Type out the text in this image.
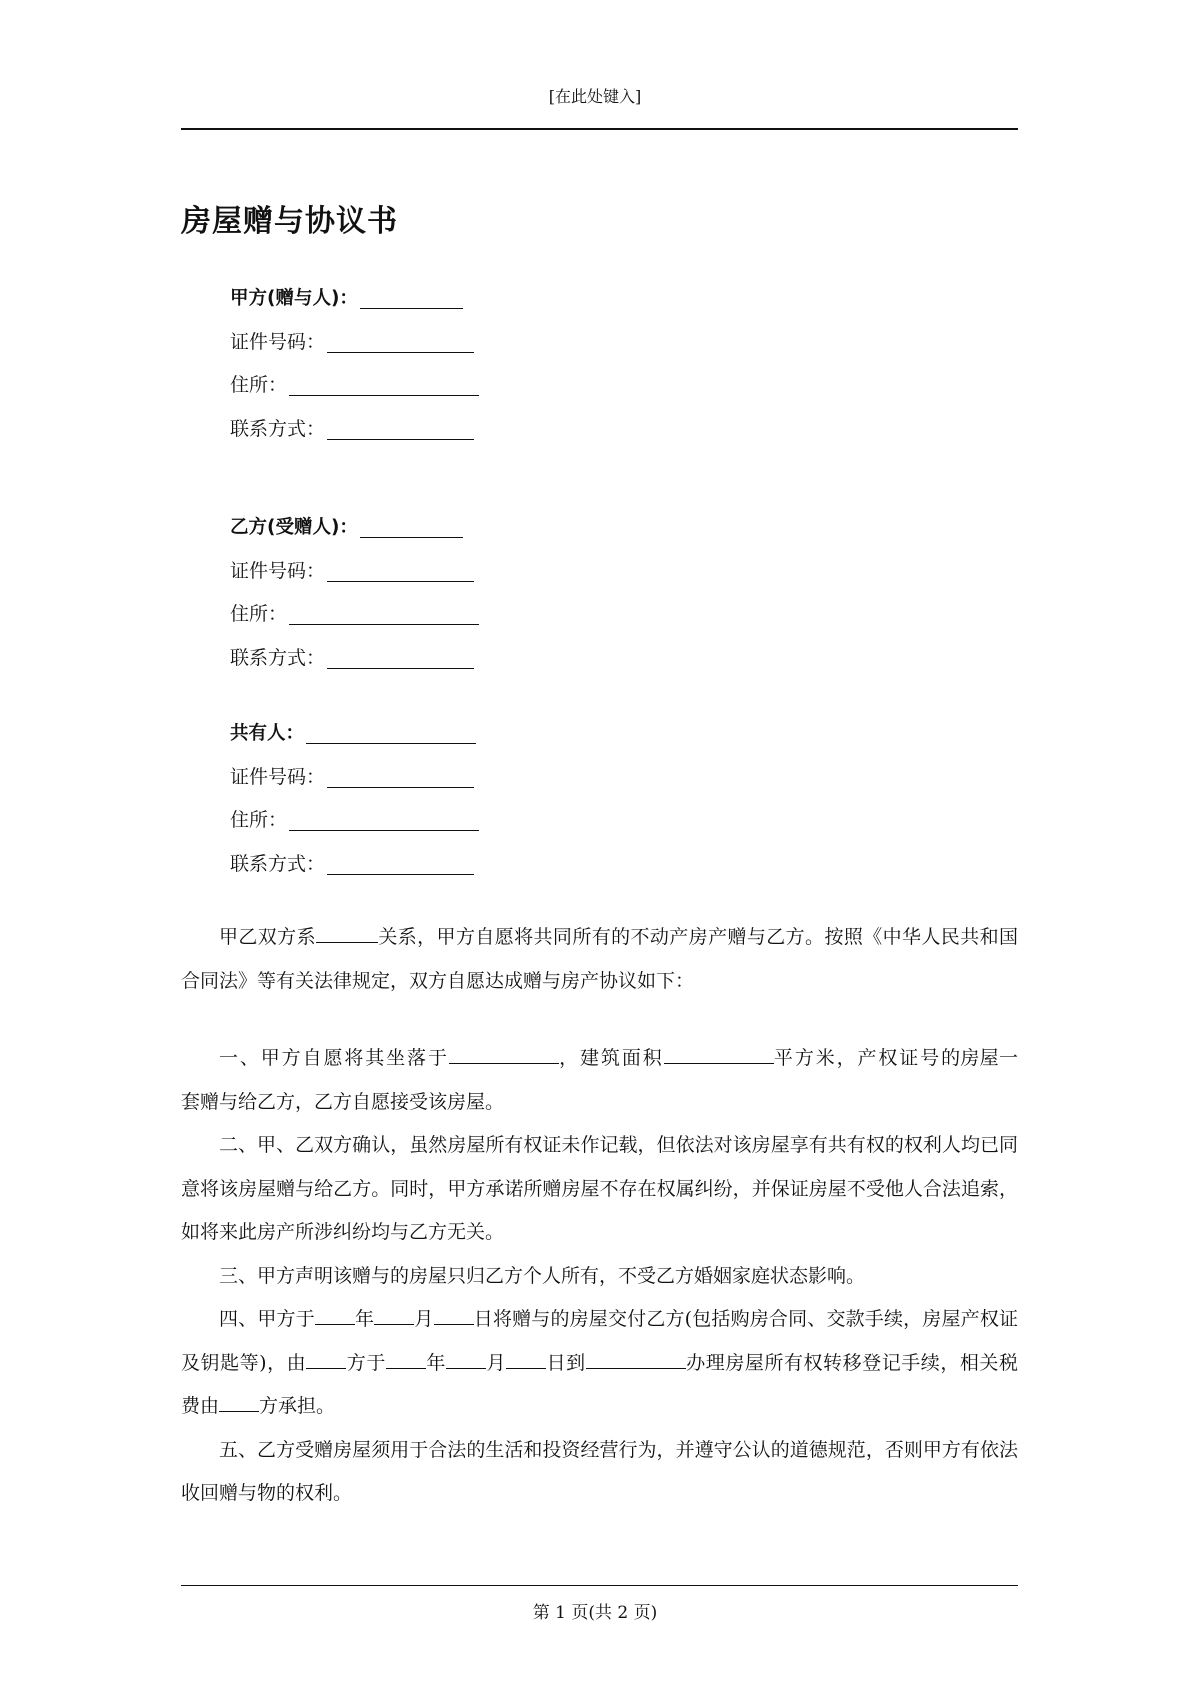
[在此处键入]
房屋赠与协议书
甲方(赠与人)：
证件号码：
住所：
联系方式：
乙方(受赠人)：
证件号码：
住所：
联系方式：
共有人：
证件号码：
住所：
联系方式：

甲乙双方系	关系，甲方自愿将共同所有的不动产房产赠与乙方。按照《中华人民共和国合同法》等有关法律规定，双方自愿达成赠与房产协议如下：

一、甲方自愿将其坐落于	，建筑面积	平方米，产权证号的房屋一套赠与给乙方，乙方自愿接受该房屋。

二、甲、乙双方确认，虽然房屋所有权证未作记载，但依法对该房屋享有共有权的权利人均已同意将该房屋赠与给乙方。同时，甲方承诺所赠房屋不存在权属纠纷，并保证房屋不受他人合法追索，如将来此房产所涉纠纷均与乙方无关。

三、甲方声明该赠与的房屋只归乙方个人所有，不受乙方婚姻家庭状态影响。

四、甲方于 年 月 日将赠与的房屋交付乙方(包括购房合同、交款手续，房屋产权证及钥匙等)，由 方于 年 月 日到	办理房屋所有权转移登记手续，相关税费由 方承担。

五、乙方受赠房屋须用于合法的生活和投资经营行为，并遵守公认的道德规范，否则甲方有依法收回赠与物的权利。

第 1 页(共 2 页)
